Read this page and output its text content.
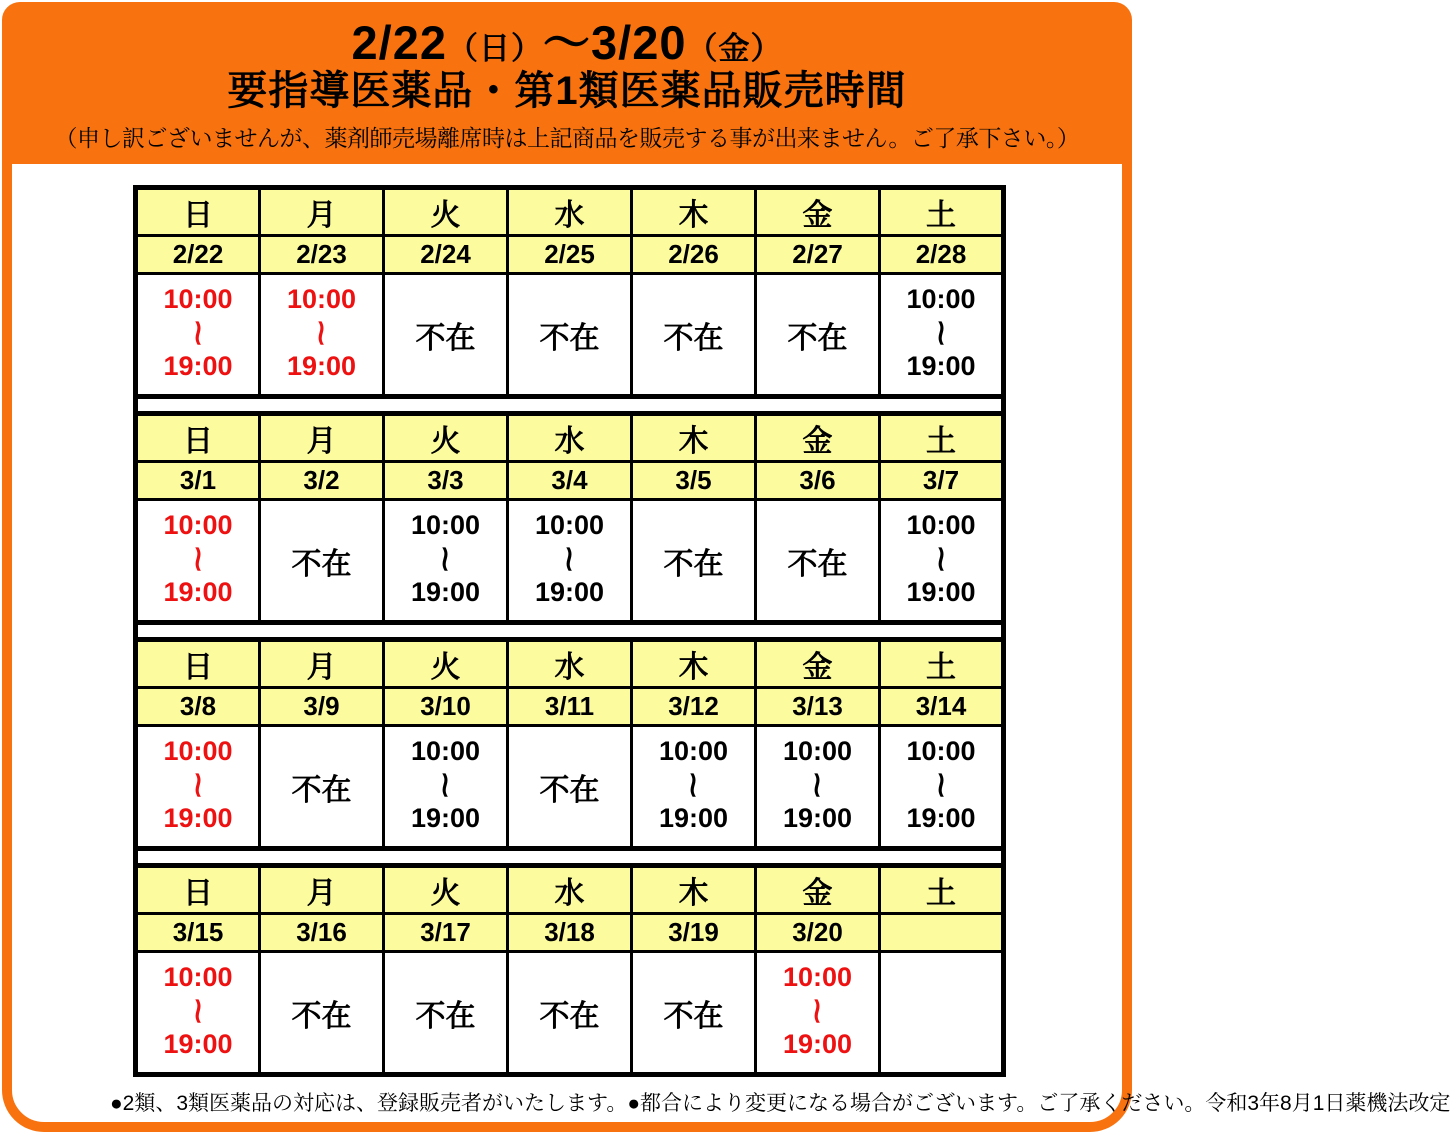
2/22（日）～3/20（金）
要指導医薬品・第1類医薬品販売時間
（申し訳ございませんが、薬剤師売場離席時は上記商品を販売する事が出来ません。ご了承下さい。）
日	月	火	水	木	金	土
2/22	2/23	2/24	2/25	2/26	2/27	2/28

10:00
∼
19:00	10:00
∼
19:00	不在	不在	不在	不在	10:00
∼
19:00

日	月	火	水	木	金	土
3/1	3/2	3/3	3/4	3/5	3/6	3/7

10:00
∼
19:00	不在	10:00
∼
19:00	10:00
∼
19:00	不在	不在	10:00
∼
19:00

日	月	火	水	木	金	土
3/8	3/9	3/10	3/11	3/12	3/13	3/14

10:00
∼
19:00	不在	10:00
∼
19:00	不在	10:00
∼
19:00	10:00
∼
19:00	10:00
∼
19:00

日	月	火	水	木	金	土
3/15	3/16	3/17	3/18	3/19	3/20	

10:00
∼
19:00	不在	不在	不在	不在	10:00
∼
19:00	

●2類、3類医薬品の対応は、登録販売者がいたします。●都合により変更になる場合がございます。ご了承ください。 令和3年8月1日薬機法改定
